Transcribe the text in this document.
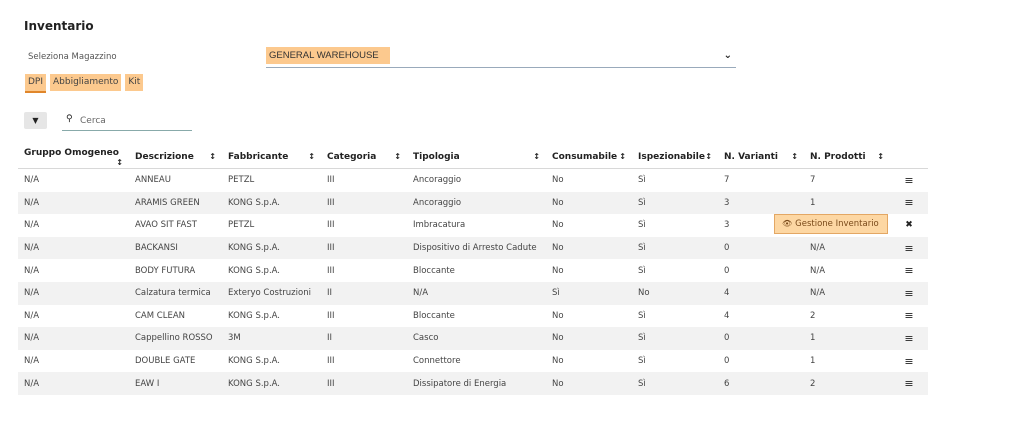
Inventario
Seleziona Magazzino	GENERAL WAREHOUSE	⌄
DPI	Abbigliamento	Kit
▼	⚲
Cerca
Gruppo Omogeneo
↕	Descrizione ↕	Fabbricante ↕	Categoria ↕	Tipologia ↕	Consumabile ↕	Ispezionabile ↕	N. Varianti ↕	N. Prodotti ↕	

N/A	ANNEAU	PETZL	III	Ancoraggio	No	Sì	7	7	≡
N/A	ARAMIS GREEN	KONG S.p.A.	III	Ancoraggio	No	Sì	3	1	≡
N/A	AVAO SIT FAST	PETZL	III	Imbracatura	No	Sì	3		✖
N/A	BACKANSI	KONG S.p.A.	III	Dispositivo di Arresto Cadute	No	Sì	0	N/A	≡
N/A	BODY FUTURA	KONG S.p.A.	III	Bloccante	No	Sì	0	N/A	≡
N/A	Calzatura termica	Exteryo Costruzioni	II	N/A	Sì	No	4	N/A	≡
N/A	CAM CLEAN	KONG S.p.A.	III	Bloccante	No	Sì	4	2	≡
N/A	Cappellino ROSSO	3M	II	Casco	No	Sì	0	1	≡
N/A	DOUBLE GATE	KONG S.p.A.	III	Connettore	No	Sì	0	1	≡
N/A	EAW I	KONG S.p.A.	III	Dissipatore di Energia	No	Sì	6	2	≡
👁 Gestione Inventario
